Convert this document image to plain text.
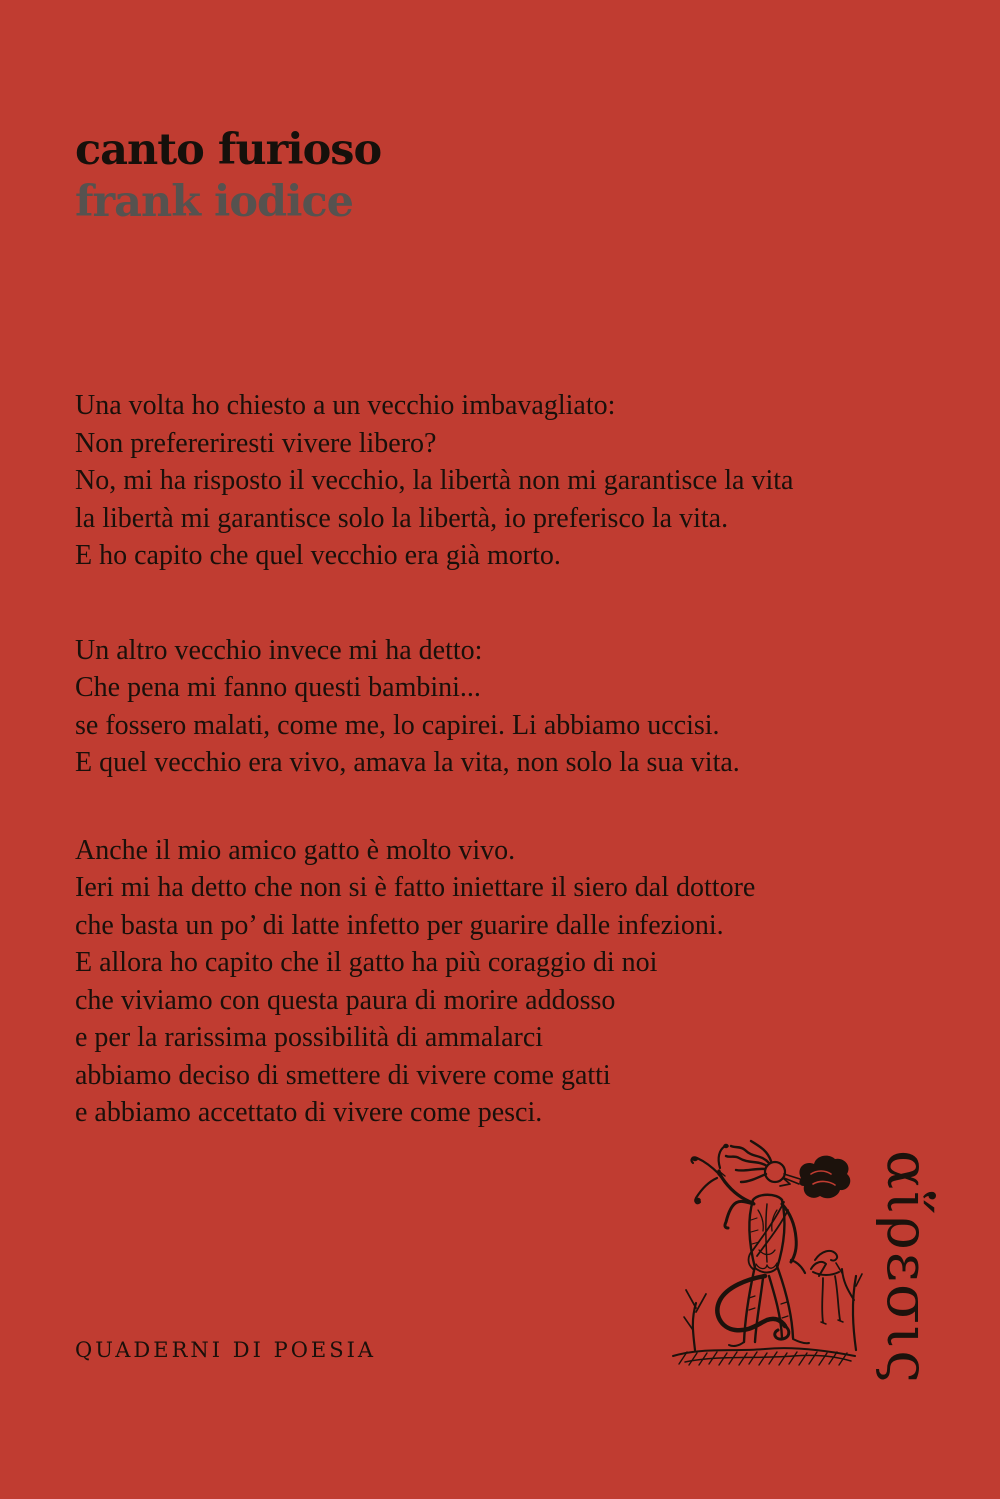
canto furioso
frank iodice
Una volta ho chiesto a un vecchio imbavagliato:
Non prefereriresti vivere libero?
No, mi ha risposto il vecchio, la libertà non mi garantisce la vita
la libertà mi garantisce solo la libertà, io preferisco la vita.
E ho capito che quel vecchio era già morto.
Un altro vecchio invece mi ha detto:
Che pena mi fanno questi bambini...
se fossero malati, come me, lo capirei. Li abbiamo uccisi.
E quel vecchio era vivo, amava la vita, non solo la sua vita.
Anche il mio amico gatto è molto vivo.
Ieri mi ha detto che non si è fatto iniettare il siero dal dottore
che basta un po’ di latte infetto per guarire dalle infezioni.
E allora ho capito che il gatto ha più coraggio di noi
che viviamo con questa paura di morire addosso
e per la rarissima possibilità di ammalarci
abbiamo deciso di smettere di vivere come gatti
e abbiamo accettato di vivere come pesci.
αἵρεσις
QUADERNI DI POESIA
